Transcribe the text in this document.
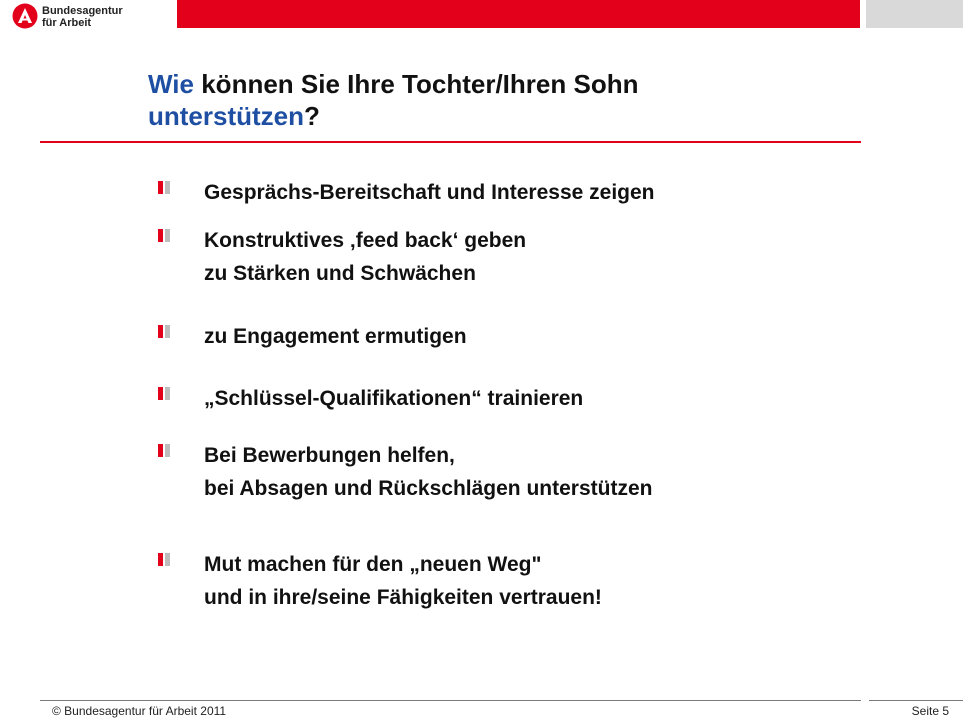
Bundesagentur
für Arbeit
Wie können Sie Ihre Tochter/Ihren Sohn
unterstützen?
Gesprächs-Bereitschaft und Interesse zeigen
Konstruktives ‚feed back‘ geben
zu Stärken und Schwächen
zu Engagement ermutigen
„Schlüssel-Qualifikationen“ trainieren
Bei Bewerbungen helfen,
bei Absagen und Rückschlägen unterstützen
Mut machen für den „neuen Weg"
und in ihre/seine Fähigkeiten vertrauen!
© Bundesagentur für Arbeit 2011	Seite 5
